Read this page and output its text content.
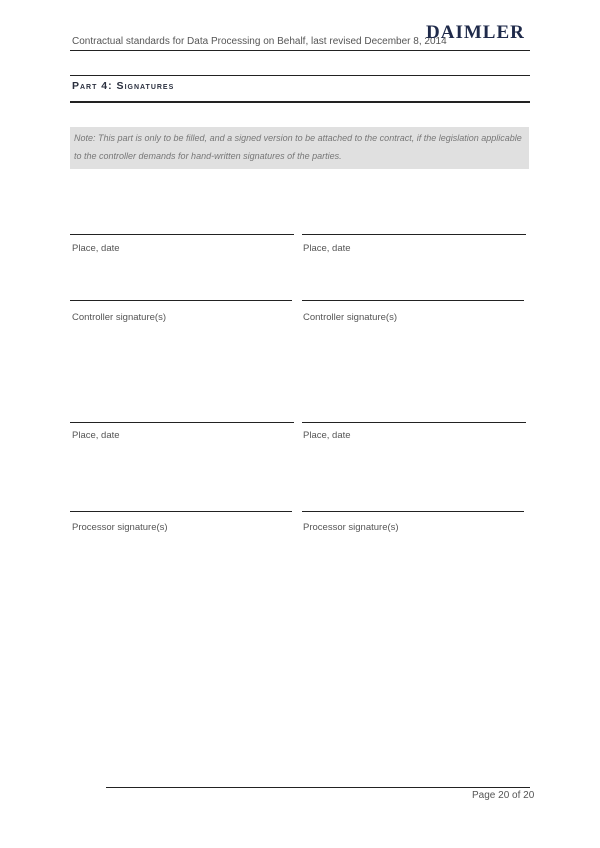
Contractual standards for Data Processing on Behalf, last revised December 8, 2014
DAIMLER
Part 4: Signatures
Note: This part is only to be filled, and a signed version to be attached to the contract, if the legislation applicable to the controller demands for hand-written signatures of the parties.
Place, date	Place, date
Controller signature(s)	Controller signature(s)
Place, date	Place, date
Processor signature(s)	Processor signature(s)
Page 20 of 20
